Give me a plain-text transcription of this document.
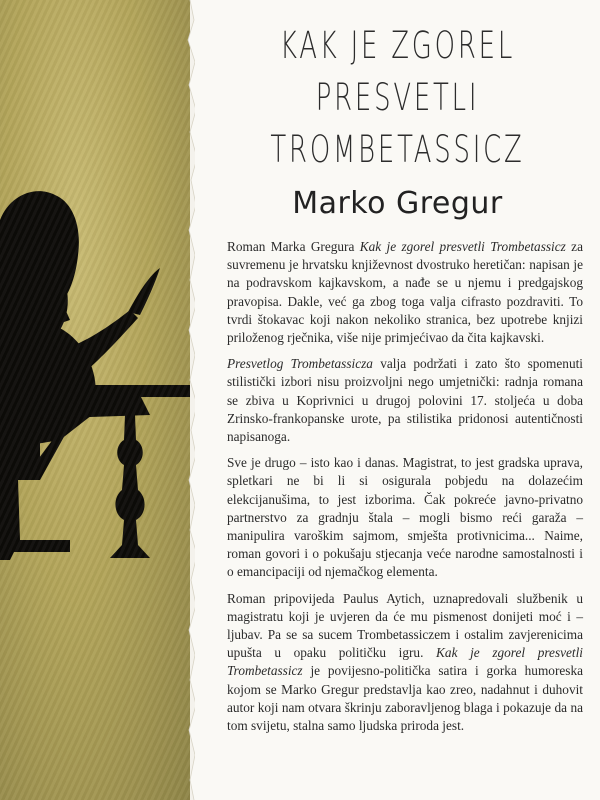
KAK JE ZGOREL
PRESVETLI
TROMBETASSICZ
Marko Gregur

Roman Marka Gregura Kak je zgorel presvetli Trombetassicz za suvremenu je hrvatsku književnost dvostruko heretičan: napisan je na podravskom kajkavskom, a nađe se u njemu i predgajskog pravopisa. Dakle, već ga zbog toga valja cifrasto pozdraviti. To tvrdi štokavac koji nakon nekoliko stranica, bez upotrebe knjizi priloženog rječnika, više nije primjećivao da čita kajkavski.

Presvetlog Trombetassicza valja podržati i zato što spomenuti stilistički izbori nisu proizvoljni nego umjetnički: radnja romana se zbiva u Koprivnici u drugoj polovini 17. stoljeća u doba Zrinsko-frankopanske urote, pa stilistika pridonosi autentičnosti napisanoga.

Sve je drugo – isto kao i danas. Magistrat, to jest gradska uprava, spletkari ne bi li si osigurala pobjedu na dolazećim elekcijanušima, to jest izborima. Čak pokreće javno-privatno partnerstvo za gradnju štala – mogli bismo reći garaža – manipulira varoškim sajmom, smješta protivnicima... Naime, roman govori i o pokušaju stjecanja veće narodne samostalnosti i o emancipaciji od njemačkog elementa.

Roman pripovijeda Paulus Aytich, uznapredovali službenik u magistratu koji je uvjeren da će mu pismenost donijeti moć i – ljubav. Pa se sa sucem Trombetassiczem i ostalim zavjerenicima upušta u opaku političku igru. Kak je zgorel presvetli Trombetassicz je povijesno-politička satira i gorka humoreska kojom se Marko Gregur predstavlja kao zreo, nadahnut i duhovit autor koji nam otvara škrinju zaboravljenog blaga i pokazuje da na tom svijetu, stalna samo ljudska priroda jest.
